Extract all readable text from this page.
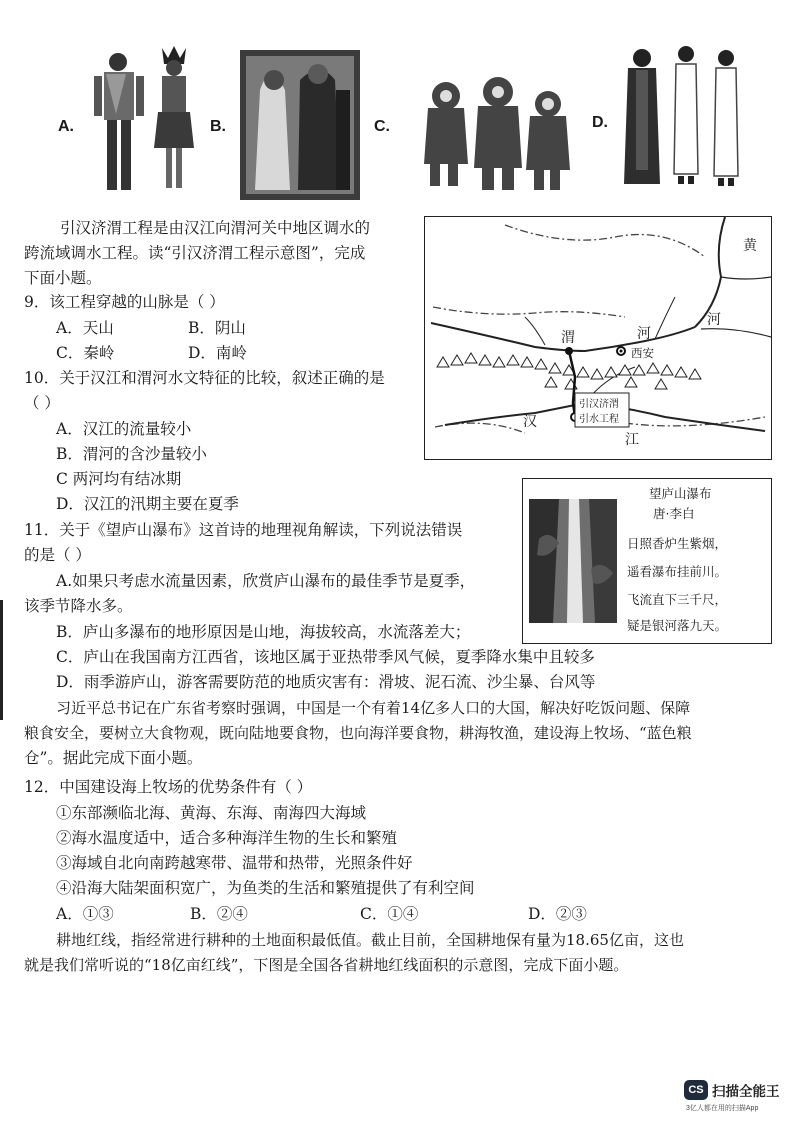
A.	B.	C.	D.
引汉济渭工程是由汉江向渭河关中地区调水的
跨流域调水工程。读“引汉济渭工程示意图”，完成
下面小题。
9．该工程穿越的山脉是（ ）
A．天山	B．阴山
C．秦岭	D．南岭
10．关于汉江和渭河水文特征的比较，叙述正确的是
（ ）
A．汉江的流量较小
B．渭河的含沙量较小
C 两河均有结冰期
D．汉江的汛期主要在夏季
黄
河
渭	河
西安
汉
江
引汉济渭
引水工程
望庐山瀑布
唐·李白
日照香炉生紫烟，
遥看瀑布挂前川。
飞流直下三千尺，
疑是银河落九天。
11．关于《望庐山瀑布》这首诗的地理视角解读，下列说法错误
的是（ ）
A.如果只考虑水流量因素，欣赏庐山瀑布的最佳季节是夏季，
该季节降水多。
B．庐山多瀑布的地形原因是山地，海拔较高，水流落差大；
C．庐山在我国南方江西省，该地区属于亚热带季风气候，夏季降水集中且较多
D．雨季游庐山，游客需要防范的地质灾害有：滑坡、泥石流、沙尘暴、台风等
习近平总书记在广东省考察时强调，中国是一个有着14亿多人口的大国，解决好吃饭问题、保障
粮食安全，要树立大食物观，既向陆地要食物，也向海洋要食物，耕海牧渔，建设海上牧场、“蓝色粮
仓”。据此完成下面小题。
12．中国建设海上牧场的优势条件有（ ）
①东部濒临北海、黄海、东海、南海四大海域
②海水温度适中，适合多种海洋生物的生长和繁殖
③海域自北向南跨越寒带、温带和热带，光照条件好
④沿海大陆架面积宽广，为鱼类的生活和繁殖提供了有利空间
A．①③	B．②④	C．①④	D．②③
耕地红线，指经常进行耕种的土地面积最低值。截止目前，全国耕地保有量为18.65亿亩，这也
就是我们常听说的“18亿亩红线”，下图是全国各省耕地红线面积的示意图，完成下面小题。
CS 扫描全能王
3亿人都在用的扫描App
